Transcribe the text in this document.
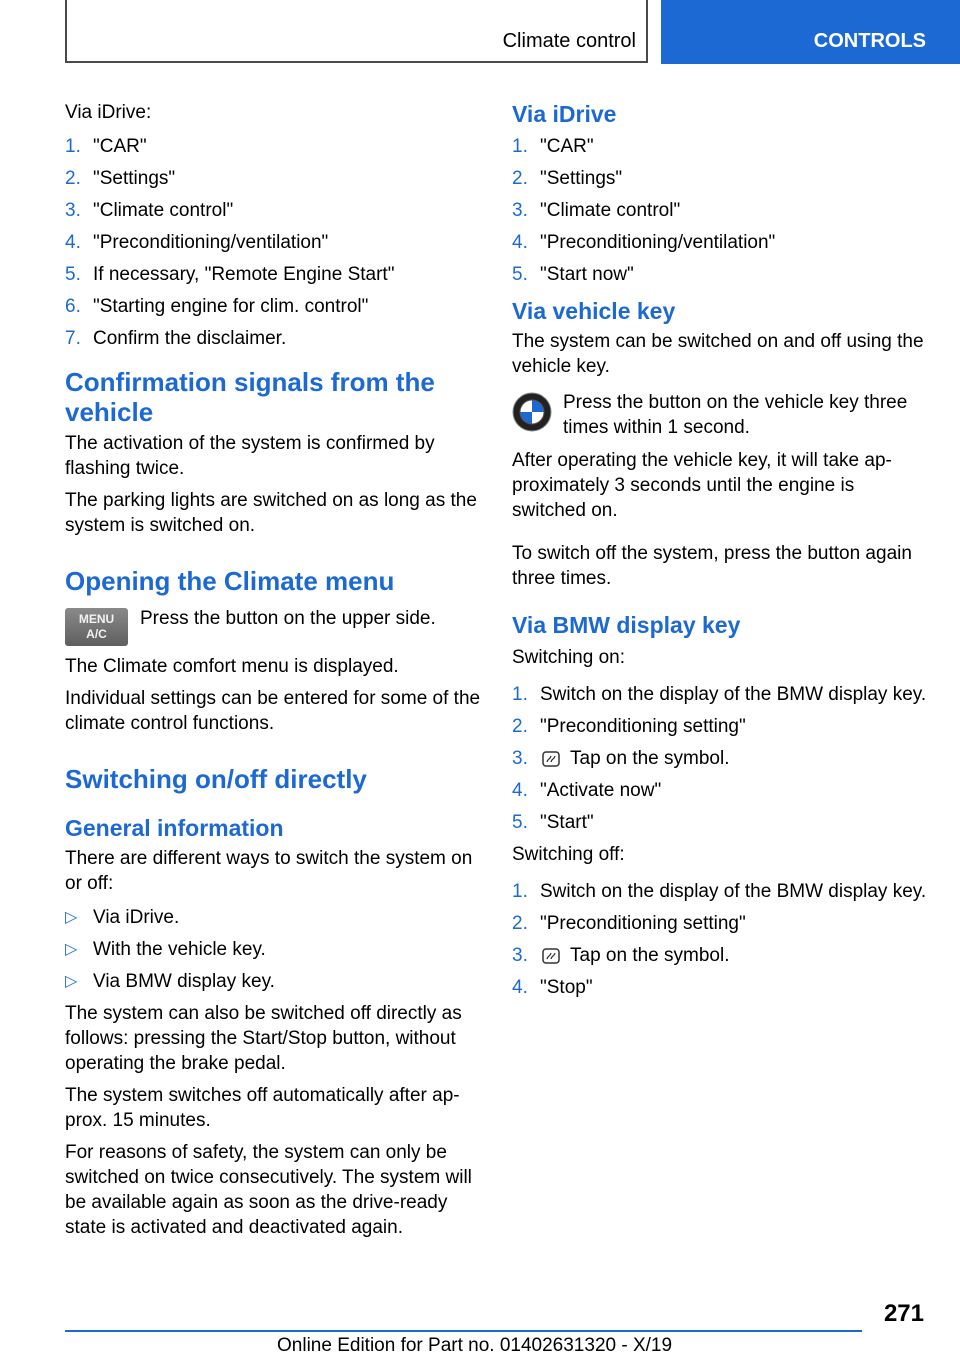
Climate control	CONTROLS

Via iDrive:

1. "CAR"
2. "Settings"
3. "Climate control"
4. "Preconditioning/ventilation"
5. If necessary, "Remote Engine Start"
6. "Starting engine for clim. control"
7. Confirm the disclaimer.
Confirmation signals from the vehicle

The activation of the system is confirmed by flashing twice.

The parking lights are switched on as long as the system is switched on.

Opening the Climate menu
MENU
A/C

Press the button on the upper side.

The Climate comfort menu is displayed.

Individual settings can be entered for some of the climate control functions.

Switching on/off directly
General information

There are different ways to switch the system on or off:

▷ Via iDrive.
▷ With the vehicle key.
▷ Via BMW display key.

The system can also be switched off directly as follows: pressing the Start/Stop button, without operating the brake pedal.

The system switches off automatically after ap‐prox. 15 minutes.

For reasons of safety, the system can only be switched on twice consecutively. The system will be available again as soon as the drive-ready state is activated and deactivated again.

Via iDrive
1. "CAR"
2. "Settings"
3. "Climate control"
4. "Preconditioning/ventilation"
5. "Start now"
Via vehicle key

The system can be switched on and off using the vehicle key.

Press the button on the vehicle key three times within 1 second.

After operating the vehicle key, it will take ap‐proximately 3 seconds until the engine is switched on.

To switch off the system, press the button again three times.

Via BMW display key

Switching on:

1. Switch on the display of the BMW display key.
2. "Preconditioning setting"
3. Tap on the symbol.
4. "Activate now"
5. "Start"

Switching off:

1. Switch on the display of the BMW display key.
2. "Preconditioning setting"
3. Tap on the symbol.
4. "Stop"
271
Online Edition for Part no. 01402631320 - X/19
